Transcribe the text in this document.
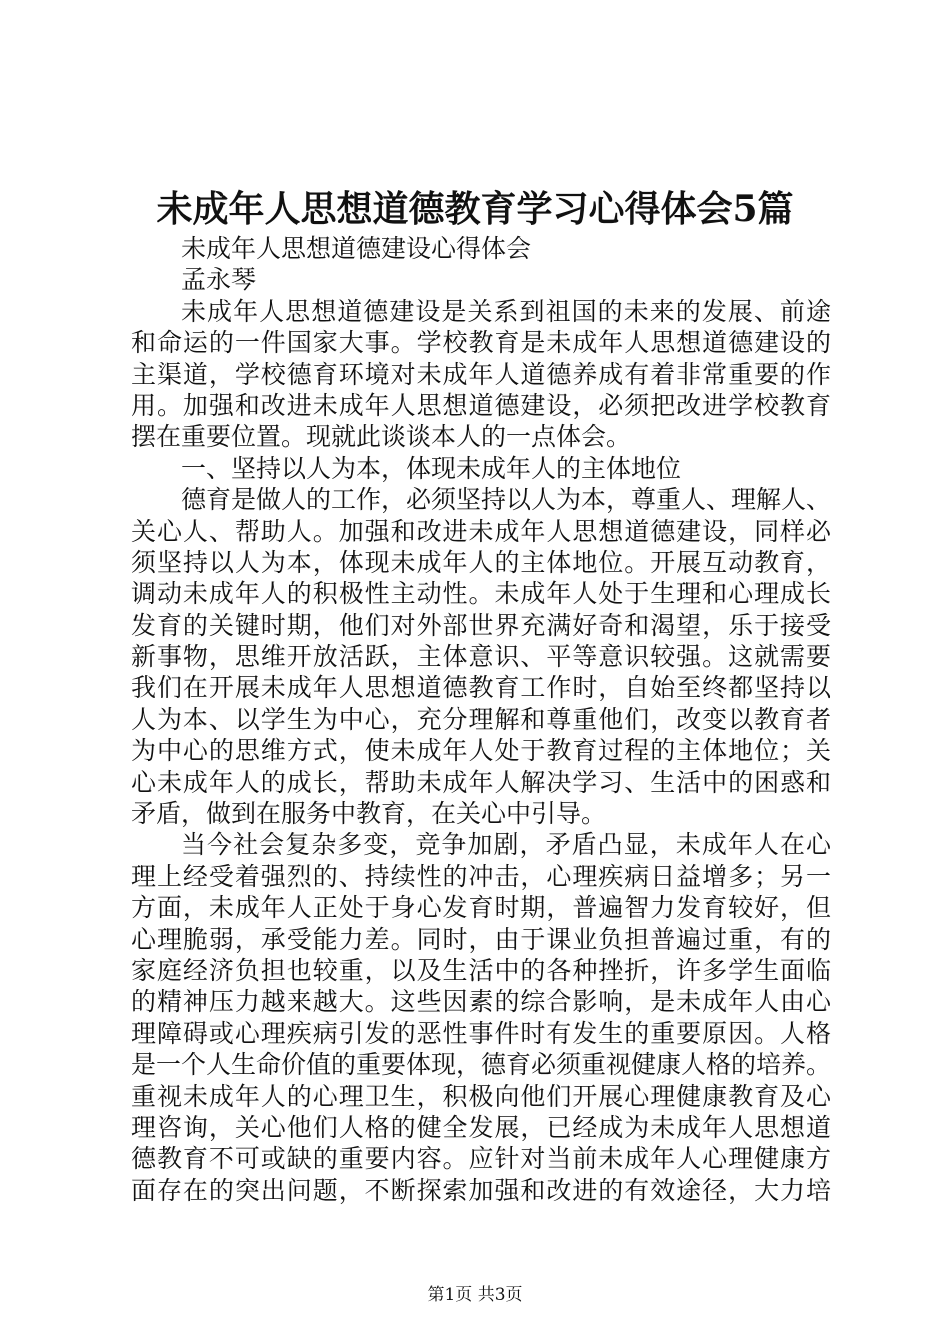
未成年人思想道德教育学习心得体会5篇
未成年人思想道德建设心得体会
孟永琴
未成年人思想道德建设是关系到祖国的未来的发展、前途
和命运的一件国家大事。学校教育是未成年人思想道德建设的
主渠道，学校德育环境对未成年人道德养成有着非常重要的作
用。加强和改进未成年人思想道德建设，必须把改进学校教育
摆在重要位置。现就此谈谈本人的一点体会。
一、坚持以人为本，体现未成年人的主体地位
德育是做人的工作，必须坚持以人为本，尊重人、理解人、
关心人、帮助人。加强和改进未成年人思想道德建设，同样必
须坚持以人为本，体现未成年人的主体地位。开展互动教育，
调动未成年人的积极性主动性。未成年人处于生理和心理成长
发育的关键时期，他们对外部世界充满好奇和渴望，乐于接受
新事物，思维开放活跃，主体意识、平等意识较强。这就需要
我们在开展未成年人思想道德教育工作时，自始至终都坚持以
人为本、以学生为中心，充分理解和尊重他们，改变以教育者
为中心的思维方式，使未成年人处于教育过程的主体地位；关
心未成年人的成长，帮助未成年人解决学习、生活中的困惑和
矛盾，做到在服务中教育，在关心中引导。
当今社会复杂多变，竞争加剧，矛盾凸显，未成年人在心
理上经受着强烈的、持续性的冲击，心理疾病日益增多；另一
方面，未成年人正处于身心发育时期，普遍智力发育较好，但
心理脆弱，承受能力差。同时，由于课业负担普遍过重，有的
家庭经济负担也较重，以及生活中的各种挫折，许多学生面临
的精神压力越来越大。这些因素的综合影响，是未成年人由心
理障碍或心理疾病引发的恶性事件时有发生的重要原因。人格
是一个人生命价值的重要体现，德育必须重视健康人格的培养。
重视未成年人的心理卫生，积极向他们开展心理健康教育及心
理咨询，关心他们人格的健全发展，已经成为未成年人思想道
德教育不可或缺的重要内容。应针对当前未成年人心理健康方
面存在的突出问题，不断探索加强和改进的有效途径，大力培
第1页 共3页
